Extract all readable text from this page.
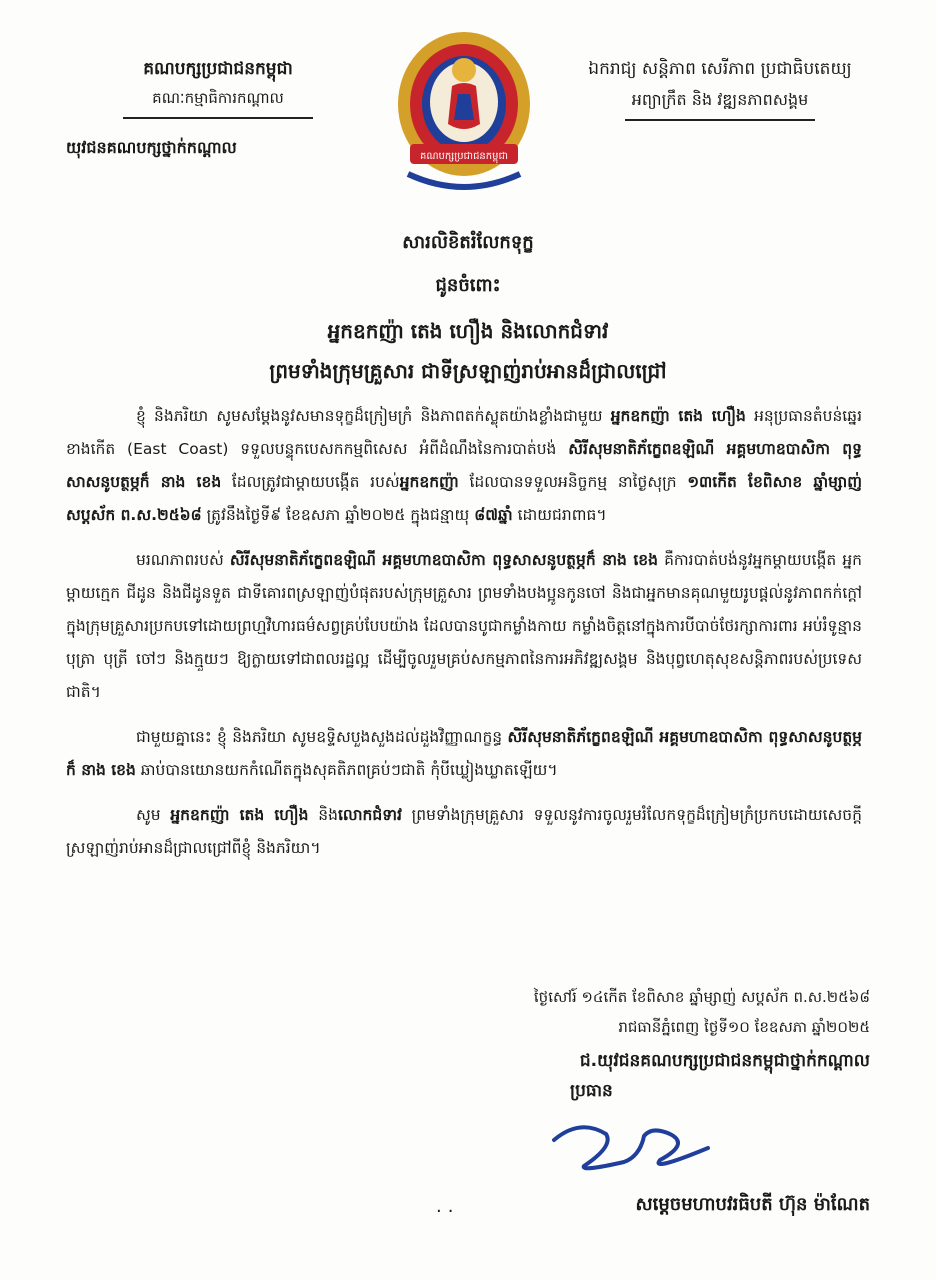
គណបក្សប្រជាជនកម្ពុជា
គណៈកម្មាធិការកណ្ដាល
យុវជនគណបក្សថ្នាក់កណ្ដាល	គណបក្សប្រជាជនកម្ពុជា
ឯករាជ្យ សន្តិភាព សេរីភាព ប្រជាធិបតេយ្យ
អព្យាក្រឹត និង វឌ្ឍនភាពសង្គម
សារលិខិតរំលែកទុក្ខ
ជូនចំពោះ
អ្នកឧកញ៉ា តេង ហឿង និងលោកជំទាវ
ព្រមទាំងក្រុមគ្រួសារ ជាទីស្រឡាញ់រាប់អានដ៏ជ្រាលជ្រៅ

ខ្ញុំ និងភរិយា សូមសម្តែងនូវសមានទុក្ខដ៏ក្រៀមក្រំ និងភាពតក់ស្លុតយ៉ាងខ្លាំងជាមួយ អ្នកឧកញ៉ា តេង ហឿង អនុប្រធានតំបន់ឆ្នេរខាងកើត (East Coast) ទទួលបន្ទុកបេសកកម្មពិសេស អំពីដំណឹងនៃការបាត់បង់ សិរីសុមនាតិភ័ក្ខេពឧឡិណី អគ្គមហាឧបាសិកា ពុទ្ធសាសនូបត្ថម្ភក៏ នាង ខេង ដែលត្រូវជាម្ដាយបង្កើត របស់អ្នកឧកញ៉ា ដែលបានទទួលអនិច្ចកម្ម នាថ្ងៃសុក្រ ១៣កើត ខែពិសាខ ឆ្នាំម្សាញ់ សប្តស័ក ព.ស.២៥៦៨ ត្រូវនឹងថ្ងៃទី៩ ខែឧសភា ឆ្នាំ២០២៥ ក្នុងជន្មាយុ ៨៧ឆ្នាំ ដោយជរាពាធ។

មរណភាពរបស់ សិរីសុមនាតិភ័ក្ខេពឧឡិណី អគ្គមហាឧបាសិកា ពុទ្ធសាសនូបត្ថម្ភក៏ នាង ខេង គឺការបាត់បង់នូវអ្នកម្ដាយបង្កើត អ្នកម្ដាយក្មេក ជីដូន និងជីដូនទួត ជាទីគោរពស្រឡាញ់បំផុតរបស់ក្រុមគ្រួសារ ព្រមទាំងបងប្អូនកូនចៅ និងជាអ្នកមានគុណមួយរូបផ្ដល់នូវភាពកក់ក្ដៅក្នុងក្រុមគ្រួសារប្រកបទៅដោយព្រហ្មវិហារធម៌សព្វគ្រប់បែបយ៉ាង ដែលបានបូជាកម្លាំងកាយ កម្លាំងចិត្តនៅក្នុងការបីបាច់ថែរក្សាការពារ អប់រំទូន្មាន បុត្រា បុត្រី ចៅៗ និងក្មួយៗ ឱ្យក្លាយទៅជាពលរដ្ឋល្អ ដើម្បីចូលរួមគ្រប់សកម្មភាពនៃការអភិវឌ្ឍសង្គម និងបុព្វហេតុសុខសន្តិភាពរបស់ប្រទេសជាតិ។

ជាមួយគ្នានេះ ខ្ញុំ និងភរិយា សូមឧទ្ទិសបួងសួងដល់ដួងវិញ្ញាណក្ខន្ធ សិរីសុមនាតិភ័ក្ខេពឧឡិណី អគ្គមហាឧបាសិកា ពុទ្ធសាសនូបត្ថម្ភក៏ នាង ខេង ឆាប់បានយោនយកកំណើតក្នុងសុគតិភពគ្រប់ៗជាតិ កុំបីឃ្លៀងឃ្លាតឡើយ។

សូម អ្នកឧកញ៉ា តេង ហឿង និងលោកជំទាវ ព្រមទាំងក្រុមគ្រួសារ ទទួលនូវការចូលរួមរំលែកទុក្ខដ៏ក្រៀមក្រំប្រកបដោយសេចក្ដីស្រឡាញ់រាប់អានដ៏ជ្រាលជ្រៅពីខ្ញុំ និងភរិយា។

ថ្ងៃសៅរ៍ ១៤កើត ខែពិសាខ ឆ្នាំម្សាញ់ សប្តស័ក ព.ស.២៥៦៨
រាជធានីភ្នំពេញ ថ្ងៃទី១០ ខែឧសភា ឆ្នាំ២០២៥
ជ.យុវជនគណបក្សប្រជាជនកម្ពុជាថ្នាក់កណ្ដាល
ប្រធាន
..	សម្ដេចមហាបវរធិបតី ហ៊ុន ម៉ាណែត
